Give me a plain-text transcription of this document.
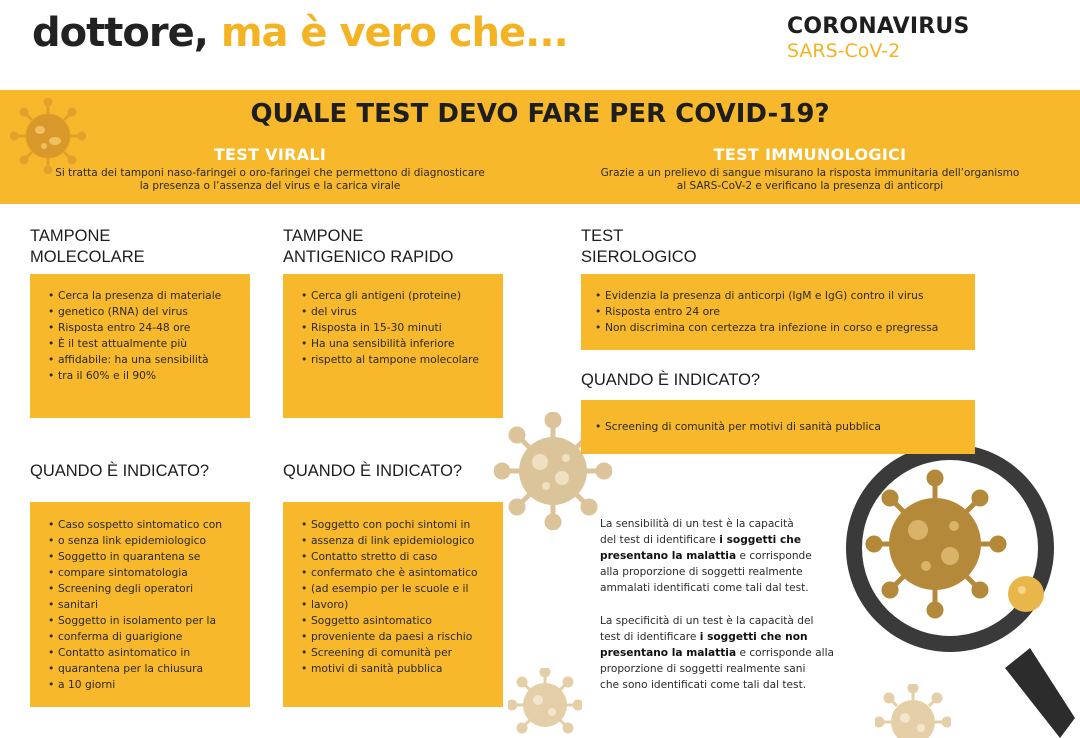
dottore, ma è vero che...	CORONAVIRUS
SARS-CoV-2
QUALE TEST DEVO FARE PER COVID-19?
TEST VIRALI
Si tratta dei tamponi naso-faringei o oro-faringei che permettono di diagnosticare
la presenza o l’assenza del virus e la carica virale
TEST IMMUNOLOGICI
Grazie a un prelievo di sangue misurano la risposta immunitaria dell’organismo
al SARS-CoV-2 e verificano la presenza di anticorpi
TAMPONE
MOLECOLARE
• Cerca la presenza di materiale
• genetico (RNA) del virus
• Risposta entro 24-48 ore
• È il test attualmente più
• affidabile: ha una sensibilità
• tra il 60% e il 90%
QUANDO È INDICATO?
• Caso sospetto sintomatico con
• o senza link epidemiologico
• Soggetto in quarantena se
• compare sintomatologia
• Screening degli operatori
• sanitari
• Soggetto in isolamento per la
• conferma di guarigione
• Contatto asintomatico in
• quarantena per la chiusura
• a 10 giorni
TAMPONE
ANTIGENICO RAPIDO
• Cerca gli antigeni (proteine)
• del virus
• Risposta in 15-30 minuti
• Ha una sensibilità inferiore
• rispetto al tampone molecolare
QUANDO È INDICATO?
• Soggetto con pochi sintomi in
• assenza di link epidemiologico
• Contatto stretto di caso
• confermato che è asintomatico
• (ad esempio per le scuole e il
• lavoro)
• Soggetto asintomatico
• proveniente da paesi a rischio
• Screening di comunità per
• motivi di sanità pubblica
TEST
SIEROLOGICO
• Evidenzia la presenza di anticorpi (IgM e IgG) contro il virus
• Risposta entro 24 ore
• Non discrimina con certezza tra infezione in corso e pregressa
QUANDO È INDICATO?
• Screening di comunità per motivi di sanità pubblica
La sensibilità di un test è la capacità
del test di identificare i soggetti che
presentano la malattia e corrisponde
alla proporzione di soggetti realmente
ammalati identificati come tali dal test.
La specificità di un test è la capacità del
test di identificare i soggetti che non
presentano la malattia e corrisponde alla
proporzione di soggetti realmente sani
che sono identificati come tali dal test.
